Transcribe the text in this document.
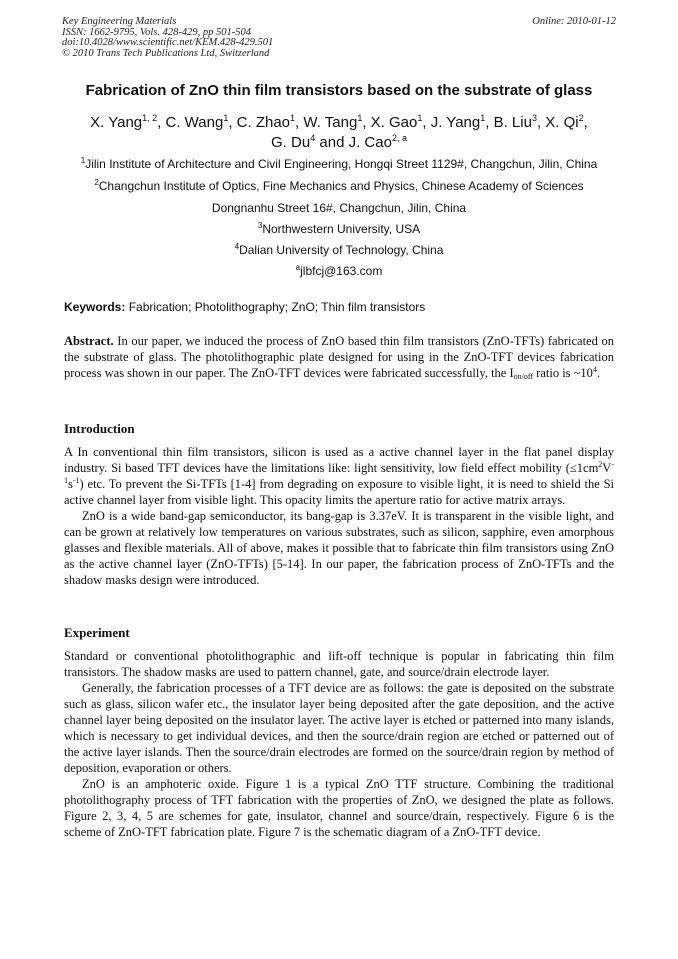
Key Engineering Materials
ISSN: 1662-9795, Vols. 428-429, pp 501-504
doi:10.4028/www.scientific.net/KEM.428-429.501
© 2010 Trans Tech Publications Ltd, Switzerland
Online: 2010-01-12
Fabrication of ZnO thin film transistors based on the substrate of glass
X. Yang$^{1, 2}$, C. Wang$^1$, C. Zhao$^1$, W. Tang$^1$, X. Gao$^1$, J. Yang$^1$, B. Liu$^3$, X. Qi$^2$,
G. Du$^4$ and J. Cao$^{2, a}$
$^1$Jilin Institute of Architecture and Civil Engineering, Hongqi Street 1129#, Changchun, Jilin, China
$^2$Changchun Institute of Optics, Fine Mechanics and Physics, Chinese Academy of Sciences
Dongnanhu Street 16#, Changchun, Jilin, China
$^3$Northwestern University, USA
$^4$Dalian University of Technology, China
$^a$jlbfcj@163.com
Keywords: Fabrication; Photolithography; ZnO; Thin film transistors

Abstract. In our paper, we induced the process of ZnO based thin film transistors (ZnO-TFTs) fabricated on the substrate of glass. The photolithographic plate designed for using in the ZnO-TFT devices fabrication process was shown in our paper. The ZnO-TFT devices were fabricated successfully, the $I_{on/off}$ ratio is $\sim 10^4$.

Introduction

A In conventional thin film transistors, silicon is used as a active channel layer in the flat panel display industry. Si based TFT devices have the limitations like: light sensitivity, low field effect mobility $(\le 1cm^2V^{-1}s^{-1})$ etc. To prevent the Si-TFTs [1-4] from degrading on exposure to visible light, it is need to shield the Si active channel layer from visible light. This opacity limits the aperture ratio for active matrix arrays.

ZnO is a wide band-gap semiconductor, its bang-gap is 3.37eV. It is transparent in the visible light, and can be grown at relatively low temperatures on various substrates, such as silicon, sapphire, even amorphous glasses and flexible materials. All of above, makes it possible that to fabricate thin film transistors using ZnO as the active channel layer (ZnO-TFTs) [5-14]. In our paper, the fabrication process of ZnO-TFTs and the shadow masks design were introduced.

Experiment

Standard or conventional photolithographic and lift-off technique is popular in fabricating thin film transistors. The shadow masks are used to pattern channel, gate, and source/drain electrode layer.

Generally, the fabrication processes of a TFT device are as follows: the gate is deposited on the substrate such as glass, silicon wafer etc., the insulator layer being deposited after the gate deposition, and the active channel layer being deposited on the insulator layer. The active layer is etched or patterned into many islands, which is necessary to get individual devices, and then the source/drain region are etched or patterned out of the active layer islands. Then the source/drain electrodes are formed on the source/drain region by method of deposition, evaporation or others.

ZnO is an amphoteric oxide. Figure 1 is a typical ZnO TTF structure. Combining the traditional photolithography process of TFT fabrication with the properties of ZnO, we designed the plate as follows. Figure 2, 3, 4, 5 are schemes for gate, insulator, channel and source/drain, respectively. Figure 6 is the scheme of ZnO-TFT fabrication plate. Figure 7 is the schematic diagram of a ZnO-TFT device.
